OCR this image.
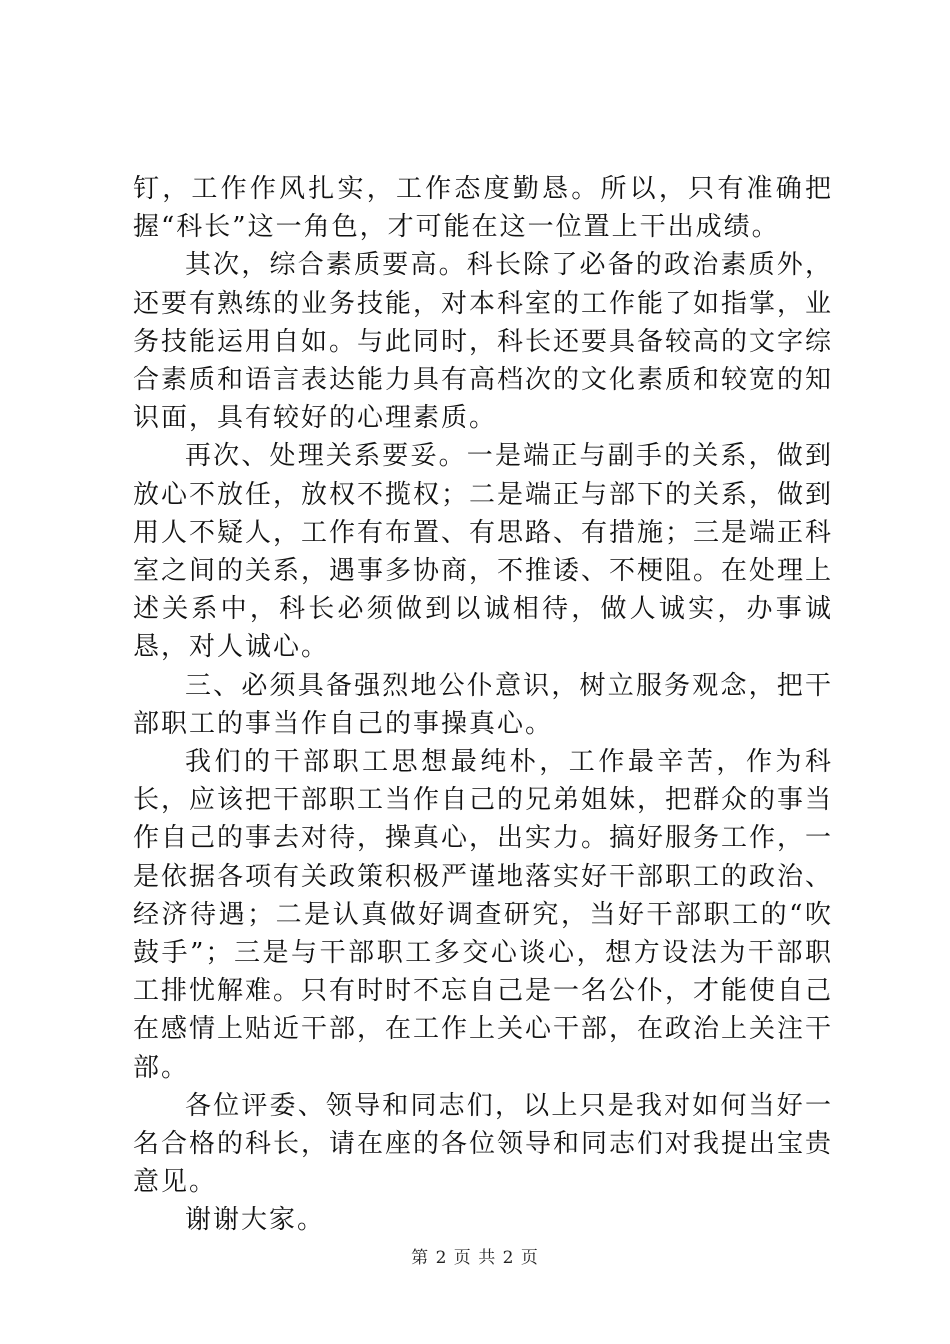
钉，工作作风扎实，工作态度勤恳。所以，只有准确把握“科长”这一角色，才可能在这一位置上干出成绩。

其次，综合素质要高。科长除了必备的政治素质外，还要有熟练的业务技能，对本科室的工作能了如指掌，业务技能运用自如。与此同时，科长还要具备较高的文字综合素质和语言表达能力具有高档次的文化素质和较宽的知识面，具有较好的心理素质。

再次、处理关系要妥。一是端正与副手的关系，做到放心不放任，放权不揽权；二是端正与部下的关系，做到用人不疑人，工作有布置、有思路、有措施；三是端正科室之间的关系，遇事多协商，不推诿、不梗阻。在处理上述关系中，科长必须做到以诚相待，做人诚实，办事诚恳，对人诚心。

三、必须具备强烈地公仆意识，树立服务观念，把干部职工的事当作自己的事操真心。

我们的干部职工思想最纯朴，工作最辛苦，作为科长，应该把干部职工当作自己的兄弟姐妹，把群众的事当作自己的事去对待，操真心，出实力。搞好服务工作，一是依据各项有关政策积极严谨地落实好干部职工的政治、经济待遇；二是认真做好调查研究，当好干部职工的“吹鼓手”；三是与干部职工多交心谈心，想方设法为干部职工排忧解难。只有时时不忘自己是一名公仆，才能使自己在感情上贴近干部，在工作上关心干部，在政治上关注干部。

各位评委、领导和同志们，以上只是我对如何当好一名合格的科长，请在座的各位领导和同志们对我提出宝贵意见。

谢谢大家。

第 2 页 共 2 页
